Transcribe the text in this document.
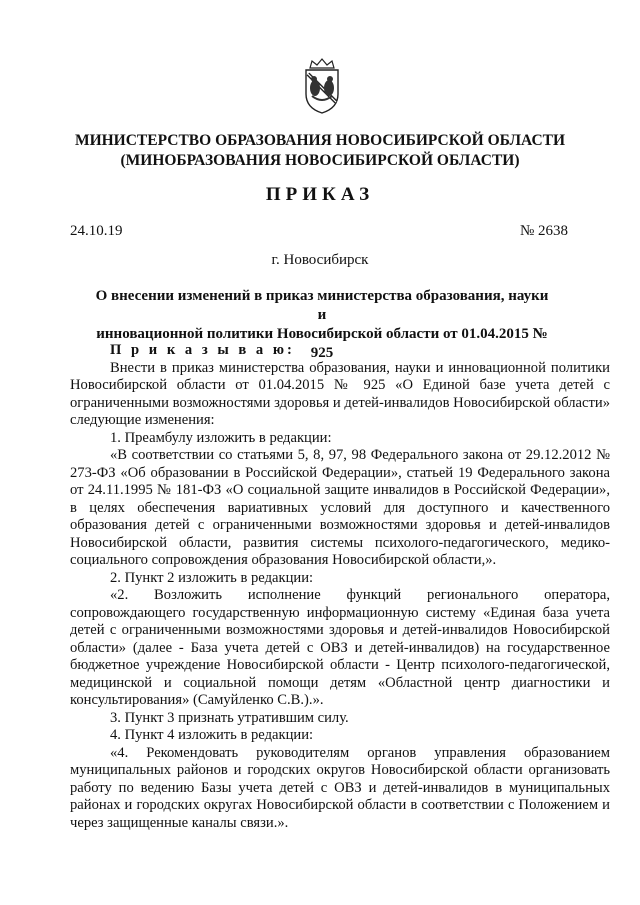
МИНИСТЕРСТВО ОБРАЗОВАНИЯ НОВОСИБИРСКОЙ ОБЛАСТИ
(МИНОБРАЗОВАНИЯ НОВОСИБИРСКОЙ ОБЛАСТИ)
ПРИКАЗ
24.10.19	№ 2638
г. Новосибирск
О внесении изменений в приказ министерства образования, науки и
инновационной политики Новосибирской области от 01.04.2015 № 925

П р и к а з ы в а ю:

Внести в приказ министерства образования, науки и инновационной политики Новосибирской области от 01.04.2015 № 925 «О Единой базе учета детей с ограниченными возможностями здоровья и детей-инвалидов Новосибирской области» следующие изменения:

1. Преамбулу изложить в редакции:

«В соответствии со статьями 5, 8, 97, 98 Федерального закона от 29.12.2012 № 273-ФЗ «Об образовании в Российской Федерации», статьей 19 Федерального закона от 24.11.1995 № 181-ФЗ «О социальной защите инвалидов в Российской Федерации», в целях обеспечения вариативных условий для доступного и качественного образования детей с ограниченными возможностями здоровья и детей-инвалидов Новосибирской области, развития системы психолого-педагогического, медико-социального сопровождения образования Новосибирской области,».

2. Пункт 2 изложить в редакции:

«2. Возложить исполнение функций регионального оператора, сопровождающего государственную информационную систему «Единая база учета детей с ограниченными возможностями здоровья и детей-инвалидов Новосибирской области» (далее - База учета детей с ОВЗ и детей-инвалидов) на государственное бюджетное учреждение Новосибирской области - Центр психолого-педагогической, медицинской и социальной помощи детям «Областной центр диагностики и консультирования» (Самуйленко С.В.).».

3. Пункт 3 признать утратившим силу.

4. Пункт 4 изложить в редакции:

«4. Рекомендовать руководителям органов управления образованием муниципальных районов и городских округов Новосибирской области организовать работу по ведению Базы учета детей с ОВЗ и детей-инвалидов в муниципальных районах и городских округах Новосибирской области в соответствии с Положением и через защищенные каналы связи.».
